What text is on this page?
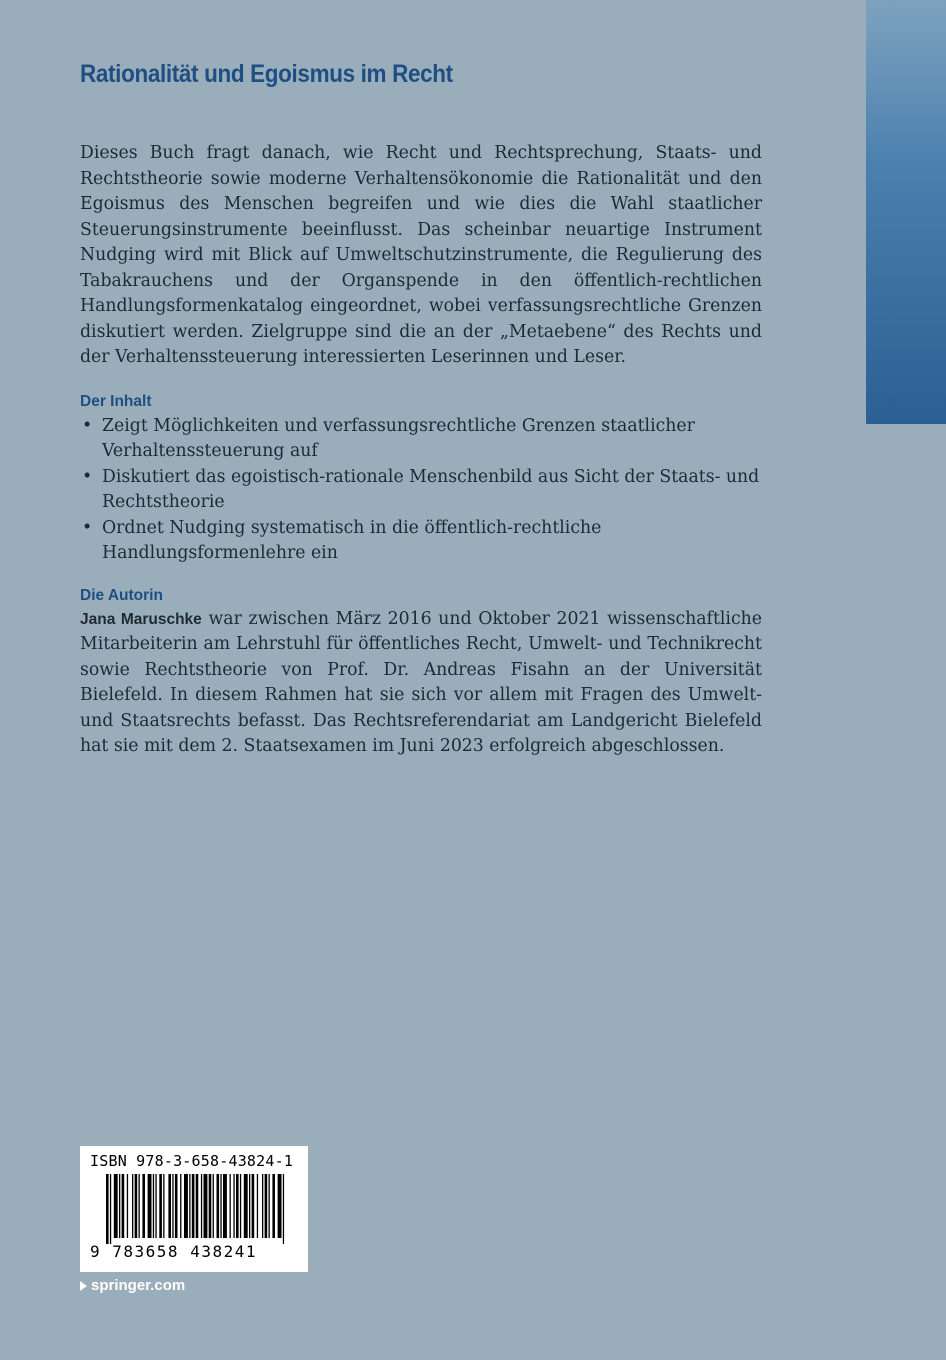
Rationalität und Egoismus im Recht

Dieses Buch fragt danach, wie Recht und Rechtsprechung, Staats- und Rechtstheorie sowie moderne Verhaltensökonomie die Rationalität und den Egoismus des Menschen begreifen und wie dies die Wahl staatlicher Steuerungsinstrumente beeinflusst. Das scheinbar neuartige Instrument Nudging wird mit Blick auf Umweltschutzinstrumente, die Regulierung des Tabakrauchens und der Organspende in den öffentlich-rechtlichen Handlungsformenkatalog eingeordnet, wobei verfassungsrechtliche Grenzen diskutiert werden. Zielgruppe sind die an der „Metaebene“ des Rechts und der Verhaltenssteuerung interessierten Leserinnen und Leser.

Der Inhalt
• Zeigt Möglichkeiten und verfassungsrechtliche Grenzen staatlicher Verhaltenssteuerung auf
• Diskutiert das egoistisch-rationale Menschenbild aus Sicht der Staats- und Rechtstheorie
• Ordnet Nudging systematisch in die öffentlich-rechtliche Handlungsformenlehre ein
Die Autorin

Jana Maruschke war zwischen März 2016 und Oktober 2021 wissenschaftliche Mitarbeiterin am Lehrstuhl für öffentliches Recht, Umwelt- und Technikrecht sowie Rechtstheorie von Prof. Dr. Andreas Fisahn an der Universität Bielefeld. In diesem Rahmen hat sie sich vor allem mit Fragen des Umwelt- und Staatsrechts befasst. Das Rechtsreferendariat am Landgericht Bielefeld hat sie mit dem 2. Staatsexamen im Juni 2023 erfolgreich abgeschlossen.

ISBN 978-3-658-43824-1
9 783658 438241
springer.com
